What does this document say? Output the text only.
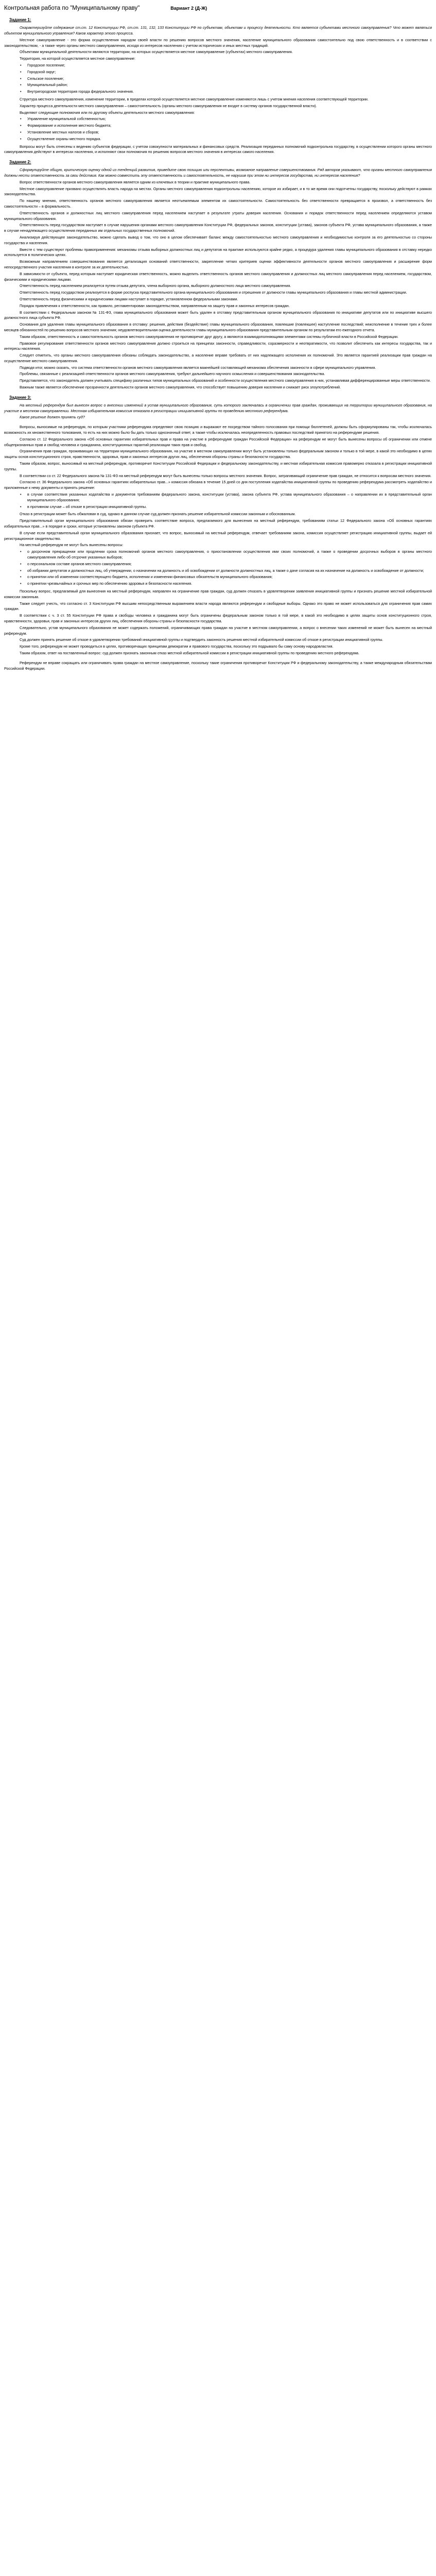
Контрольная работа по "Муниципальному праву"	Вариант 2 (Д-Ж)
Задание 1:

Охарактеризуйте содержание ст.ст. 12 Конституции РФ, ст.ст. 131, 132, 133 Конституции РФ по субъектам, объектам и процессу деятельности. Кто является субъектами местного самоуправления? Что может являться объектом муниципального управления? Каков характер этого процесса.

Местное самоуправление - это форма осуществления народом своей власти по решению вопросов местного значения, население муниципального образования самостоятельно под свою ответственность и в соответствии с законодательством, - а также через органы местного самоуправления, исходя из интересов населения с учетом исторических и иных местных традиций.

Объектами муниципальной деятельности являются территории, на которых осуществляется местное самоуправление (субъектах) местного самоуправления.

Территория, на которой осуществляется местное самоуправление:

• Городское поселение;
• Городской округ;
• Сельское поселение;
• Муниципальный район;
• Внутригородская территория города федерального значения.

Структура местного самоуправления, изменение территории, в пределах которой осуществляется местное самоуправление изменяются лишь с учетом мнения населения соответствующей территории.

Характер процесса деятельности местного самоуправления – самостоятельность (органы местного самоуправления не входят в систему органов государственной власти).

Выделяют следующие полномочия или по другому объекты деятельности местного самоуправления:

• Управление муниципальной собственностью;
• Формирование и исполнение местного бюджета;
• Установление местных налогов и сборов;
• Осуществление охраны местного порядка.

Вопросы могут быть отнесены к ведению субъектов федерации, с учетом совокупности материальных и финансовых средств. Реализация переданных полномочий подконтрольна государству, в осуществлении которого органы местного самоуправления действуют в интересах населения, и исполняют свои полномочия по решению вопросов местного значения в интересах самого населения.

Задание 2:

Сформулируйте общую, критическую оценку одной из тенденций развития, приведите свою позицию или перспективы, возможное направление совершенствования. Ряд авторов указывают, что органы местного самоуправления должны нести ответственность за свои действия. Как можно совместить эту ответственность и самостоятельность, не нарушив при этом ни интересов государства, ни интересов населения?

Вопрос ответственности органов местного самоуправления является одним из ключевых в теории и практике муниципального права.

Местное самоуправление призвано осуществлять власть народа на местах. Органы местного самоуправления подконтрольны населению, которое их избирает, и в то же время они подотчетны государству, поскольку действуют в рамках законодательства.

По нашему мнению, ответственность органов местного самоуправления является неотъемлемым элементом их самостоятельности. Самостоятельность без ответственности превращается в произвол, а ответственность без самостоятельности – в формальность.

Ответственность органов и должностных лиц местного самоуправления перед населением наступает в результате утраты доверия населения. Основания и порядок ответственности перед населением определяются уставом муниципального образования.

Ответственность перед государством наступает в случае нарушения органами местного самоуправления Конституции РФ, федеральных законов, конституции (устава), законов субъекта РФ, устава муниципального образования, а также в случае ненадлежащего осуществления переданных им отдельных государственных полномочий.

Анализируя действующее законодательство, можно сделать вывод о том, что оно в целом обеспечивает баланс между самостоятельностью местного самоуправления и необходимостью контроля за его деятельностью со стороны государства и населения.

Вместе с тем существуют проблемы правоприменения: механизмы отзыва выборных должностных лиц и депутатов на практике используются крайне редко, а процедура удаления главы муниципального образования в отставку нередко используется в политических целях.

Возможным направлением совершенствования является детализация оснований ответственности, закрепление четких критериев оценки эффективности деятельности органов местного самоуправления и расширение форм непосредственного участия населения в контроле за их деятельностью.

В зависимости от субъекта, перед которым наступает юридическая ответственность, можно выделить ответственность органов местного самоуправления и должностных лиц местного самоуправления перед населением, государством, физическими и юридическими лицами.

Ответственность перед населением реализуется путем отзыва депутата, члена выборного органа, выборного должностного лица местного самоуправления.

Ответственность перед государством реализуется в форме роспуска представительного органа муниципального образования и отрешения от должности главы муниципального образования и главы местной администрации.

Ответственность перед физическими и юридическими лицами наступает в порядке, установленном федеральными законами.

Порядок привлечения к ответственности, как правило, регламентирован законодательством, направленным на защиту прав и законных интересов граждан.

В соответствии с Федеральным законом № 131-ФЗ, глава муниципального образования может быть удален в отставку представительным органом муниципального образования по инициативе депутатов или по инициативе высшего должностного лица субъекта РФ.

Основания для удаления главы муниципального образования в отставку: решения, действия (бездействие) главы муниципального образования, повлекшие (повлекшее) наступление последствий; неисполнение в течение трех и более месяцев обязанностей по решению вопросов местного значения; неудовлетворительная оценка деятельности главы муниципального образования представительным органом по результатам его ежегодного отчета.

Таким образом, ответственность и самостоятельность органов местного самоуправления не противоречат друг другу, а являются взаимодополняющими элементами системы публичной власти в Российской Федерации.

Правовое регулирование ответственности органов местного самоуправления должно строиться на принципах законности, справедливости, соразмерности и неотвратимости, что позволит обеспечить как интересы государства, так и интересы населения.

Следует отметить, что органы местного самоуправления обязаны соблюдать законодательство, а население вправе требовать от них надлежащего исполнения их полномочий. Это является гарантией реализации прав граждан на осуществление местного самоуправления.

Подводя итог, можно сказать, что система ответственности органов местного самоуправления является важнейшей составляющей механизма обеспечения законности в сфере муниципального управления.

Проблемы, связанные с реализацией ответственности органов местного самоуправления, требуют дальнейшего научного осмысления и совершенствования законодательства.

Представляется, что законодатель должен учитывать специфику различных типов муниципальных образований и особенности осуществления местного самоуправления в них, устанавливая дифференцированные меры ответственности.

Важным также является обеспечение прозрачности деятельности органов местного самоуправления, что способствует повышению доверия населения и снижает риск злоупотреблений.

Задание 3:

На местный референдум был вынесен вопрос о внесении изменений в устав муниципального образования, суть которого заключалась в ограничении прав граждан, проживающих на территории муниципального образования, на участие в местном самоуправлении. Местная избирательная комиссия отказала в регистрации инициативной группы по проведению местного референдума.

Какое решение должен принять суд?

Вопросы, выносимые на референдум, по которым участники референдума определяют свою позицию и выражают ее посредством тайного голосования при помощи бюллетеней, должны быть сформулированы так, чтобы исключалась возможность их множественного толкования, то есть на них можно было бы дать только однозначный ответ, а также чтобы исключалась неопределенность правовых последствий принятого на референдуме решения.

Согласно ст. 12 Федерального закона «Об основных гарантиях избирательных прав и права на участие в референдуме граждан Российской Федерации» на референдум не могут быть вынесены вопросы об ограничении или отмене общепризнанных прав и свобод человека и гражданина, конституционных гарантий реализации таких прав и свобод.

Ограничения прав граждан, проживающих на территории муниципального образования, на участие в местном самоуправлении могут быть установлены только федеральным законом и только в той мере, в какой это необходимо в целях защиты основ конституционного строя, нравственности, здоровья, прав и законных интересов других лиц, обеспечения обороны страны и безопасности государства.

Таким образом, вопрос, выносимый на местный референдум, противоречит Конституции Российской Федерации и федеральному законодательству, и местная избирательная комиссия правомерно отказала в регистрации инициативной группы.

В соответствии со ст. 22 Федерального закона № 131-ФЗ на местный референдум могут быть вынесены только вопросы местного значения. Вопрос, затрагивающий ограничение прав граждан, не относится к вопросам местного значения.

Согласно ст. 36 Федерального закона «Об основных гарантиях избирательных прав...» комиссия обязана в течение 15 дней со дня поступления ходатайства инициативной группы по проведению референдума рассмотреть ходатайство и приложенные к нему документы и принять решение:

• в случае соответствия указанных ходатайства и документов требованиям федерального закона, конституции (устава), закона субъекта РФ, устава муниципального образования – о направлении их в представительный орган муниципального образования;
• в противном случае – об отказе в регистрации инициативной группы.

Отказ в регистрации может быть обжалован в суд, однако в данном случае суд должен признать решение избирательной комиссии законным и обоснованным.

Представительный орган муниципального образования обязан проверить соответствие вопроса, предлагаемого для вынесения на местный референдум, требованиям статьи 12 Федерального закона «Об основных гарантиях избирательных прав...» в порядке и сроки, которые установлены законом субъекта РФ.

В случае если представительный орган муниципального образования признает, что вопрос, выносимый на местный референдум, отвечает требованиям закона, комиссия осуществляет регистрацию инициативной группы, выдает ей регистрационное свидетельство.

На местный референдум не могут быть вынесены вопросы:

• о досрочном прекращении или продлении срока полномочий органов местного самоуправления, о приостановлении осуществления ими своих полномочий, а также о проведении досрочных выборов в органы местного самоуправления либо об отсрочке указанных выборов;
• о персональном составе органов местного самоуправления;
• об избрании депутатов и должностных лиц, об утверждении, о назначении на должность и об освобождении от должности должностных лиц, а также о даче согласия на их назначение на должность и освобождение от должности;
• о принятии или об изменении соответствующего бюджета, исполнении и изменении финансовых обязательств муниципального образования;
• о принятии чрезвычайных и срочных мер по обеспечению здоровья и безопасности населения.

Поскольку вопрос, предлагаемый для вынесения на местный референдум, направлен на ограничение прав граждан, суд должен отказать в удовлетворении заявления инициативной группы и признать решение местной избирательной комиссии законным.

Также следует учесть, что согласно ст. 3 Конституции РФ высшим непосредственным выражением власти народа являются референдум и свободные выборы. Однако это право не может использоваться для ограничения прав самих граждан.

В соответствии с ч. 3 ст. 55 Конституции РФ права и свободы человека и гражданина могут быть ограничены федеральным законом только в той мере, в какой это необходимо в целях защиты основ конституционного строя, нравственности, здоровья, прав и законных интересов других лиц, обеспечения обороны страны и безопасности государства.

Следовательно, устав муниципального образования не может содержать положений, ограничивающих права граждан на участие в местном самоуправлении, а вопрос о внесении таких изменений не может быть вынесен на местный референдум.

Суд должен принять решение об отказе в удовлетворении требований инициативной группы и подтвердить законность решения местной избирательной комиссии об отказе в регистрации инициативной группы.

Кроме того, референдум не может проводиться в целях, противоречащих принципам демократии и правового государства, поскольку это подрывало бы саму основу народовластия.

Таким образом, ответ на поставленный вопрос: суд должен признать законным отказ местной избирательной комиссии в регистрации инициативной группы по проведению местного референдума.

Референдум не вправе сокращать или ограничивать права граждан на местное самоуправление, поскольку такие ограничения противоречат Конституции РФ и федеральному законодательству, а также международным обязательствам Российской Федерации.
